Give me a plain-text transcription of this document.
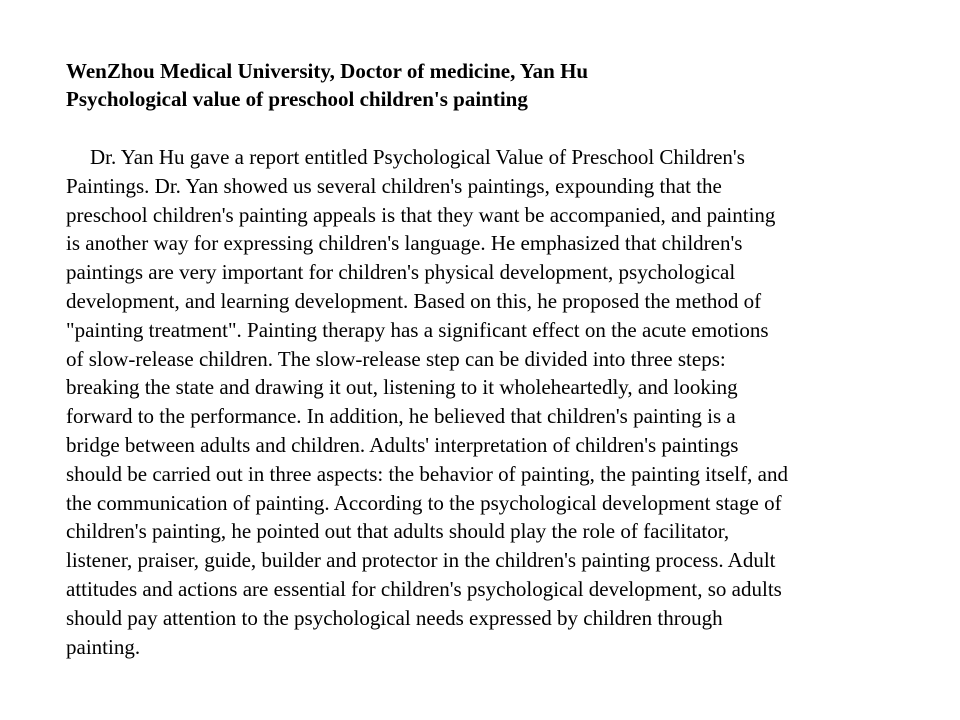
WenZhou Medical University, Doctor of medicine, Yan Hu
Psychological value of preschool children's painting
Dr. Yan Hu gave a report entitled Psychological Value of Preschool Children's
Paintings. Dr. Yan showed us several children's paintings, expounding that the
preschool children's painting appeals is that they want be accompanied, and painting
is another way for expressing children's language. He emphasized that children's
paintings are very important for children's physical development, psychological
development, and learning development. Based on this, he proposed the method of
"painting treatment". Painting therapy has a significant effect on the acute emotions
of slow-release children. The slow-release step can be divided into three steps:
breaking the state and drawing it out, listening to it wholeheartedly, and looking
forward to the performance. In addition, he believed that children's painting is a
bridge between adults and children. Adults' interpretation of children's paintings
should be carried out in three aspects: the behavior of painting, the painting itself, and
the communication of painting. According to the psychological development stage of
children's painting, he pointed out that adults should play the role of facilitator,
listener, praiser, guide, builder and protector in the children's painting process. Adult
attitudes and actions are essential for children's psychological development, so adults
should pay attention to the psychological needs expressed by children through
painting.
